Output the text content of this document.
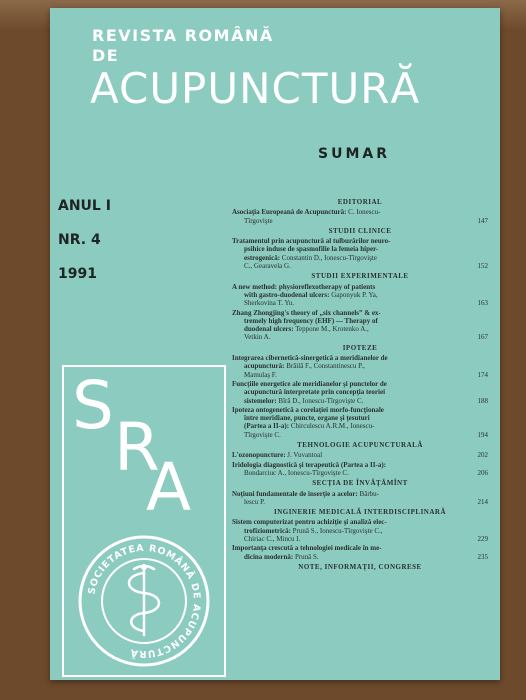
REVISTA ROMÂNĂ
DE
ACUPUNCTURĂ
SUMAR
ANUL I
NR. 4
1991
EDITORIAL
Asociaţia Europeană de Acupunctură: C. Ionescu-
Tîrgovişte	147
STUDII CLINICE
Tratamentul prin acupunctură al tulburărilor neuro-
psihice induse de spasmofilie la femeia hiper-
estrogenică: Constantin D., Ionescu-Tîrgovişte
C., Gearavela G.	152
STUDII EXPERIMENTALE
A new method: physioreflexotherapy of patients
with gastro-duodenal ulcers: Gaponyuk P. Ya,
Sherkovina T. Yu.	163
Zhang Zhongjing's theory of „six channels” & ex-
tremely high frequency (EHF) — Therapy of
duodenal ulcers: Teppone M., Krotenko A.,
Vetkin A.	167
IPOTEZE
Integrarea cibernetică-sinergetică a meridianelor de
acupunctură: Brăilă F., Constantinescu P.,
Mamulaş F.	174
Funcţiile energetice ale meridianelor şi punctelor de
acupunctură interpretate prin concepţia teoriei
sistemelor: Bîră D., Ionescu-Tîrgovişte C.	188
Ipoteza ontogenetică a corelaţiei morfo-funcţionale
între meridiane, puncte, organe şi ţesuturi
(Partea a II-a): Chirculescu A.R.M., Ionescu-
Tîrgovişte C.	194
TEHNOLOGIE ACUPUNCTURALĂ
L'ozonopuncture: J. Vuvantoal	202
Iridologia diagnostică şi terapeutică (Partea a II-a):
Bondarciuc A., Ionescu-Tîrgovişte C.	206
SECŢIA DE ÎNVĂŢĂMÎNT
Noţiuni fundamentale de inserţie a acelor: Bărbu-
lescu P.	214
INGINERIE MEDICALĂ INTERDISCIPLINARĂ
Sistem computerizat pentru achiziţie şi analiză elec-
trofiziometrică: Prună S., Ionescu-Tîrgovişte C.,
Chiriac C., Mincu I.	229
Importanţa crescută a tehnologiei medicale în me-
dicina modernă: Prună S.	235
NOTE, INFORMAŢII, CONGRESE
S
R
A
SOCIETATEA ROMÂNĂ DE ACUPUNCTURĂ
